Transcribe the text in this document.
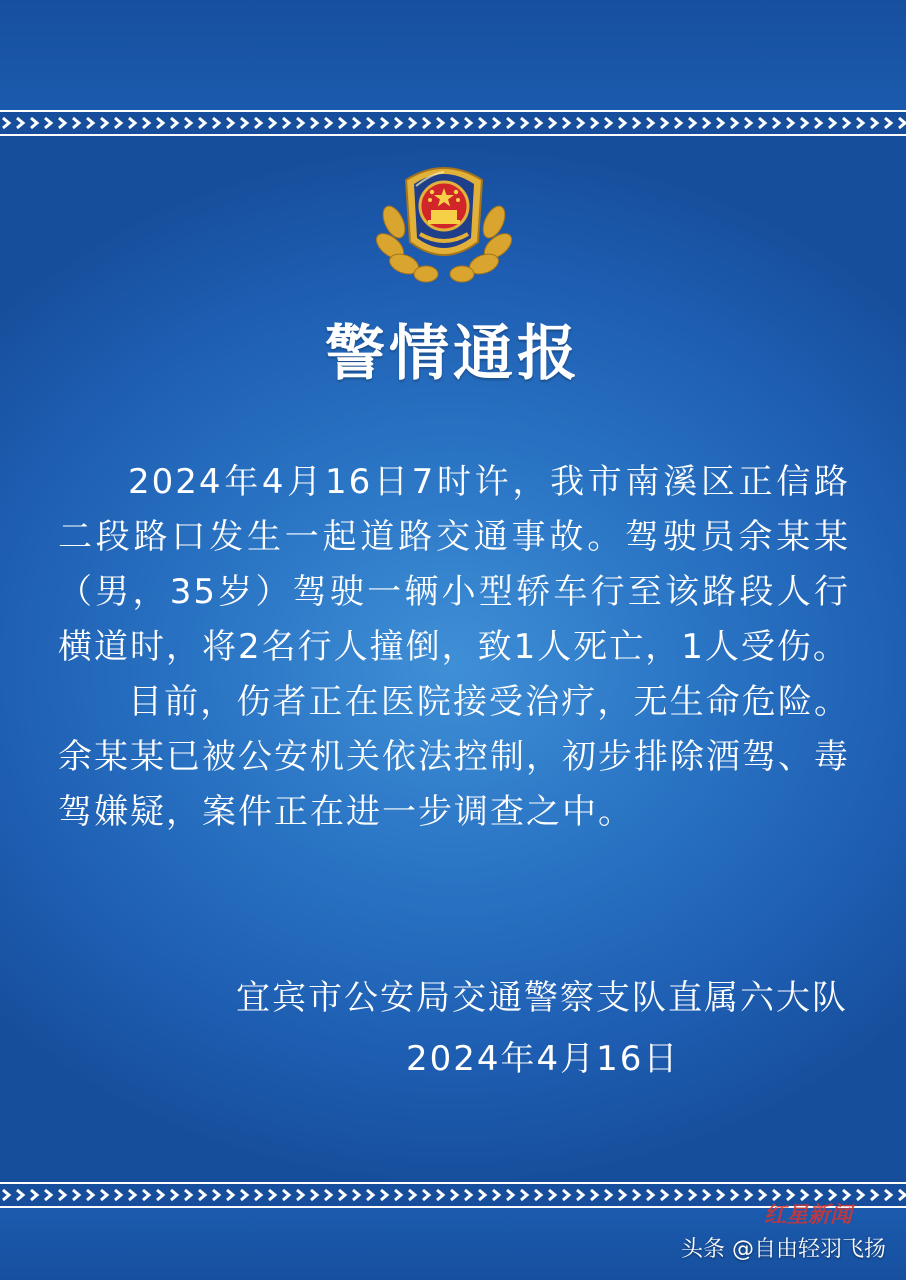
警情通报

2024年4月16日7时许，我市南溪区正信路二段路口发生一起道路交通事故。驾驶员余某某（男，35岁）驾驶一辆小型轿车行至该路段人行横道时，将2名行人撞倒，致1人死亡，1人受伤。

目前，伤者正在医院接受治疗，无生命危险。余某某已被公安机关依法控制，初步排除酒驾、毒驾嫌疑，案件正在进一步调查之中。

宜宾市公安局交通警察支队直属六大队
2024年4月16日
红星新闻
头条 @自由轻羽飞扬
